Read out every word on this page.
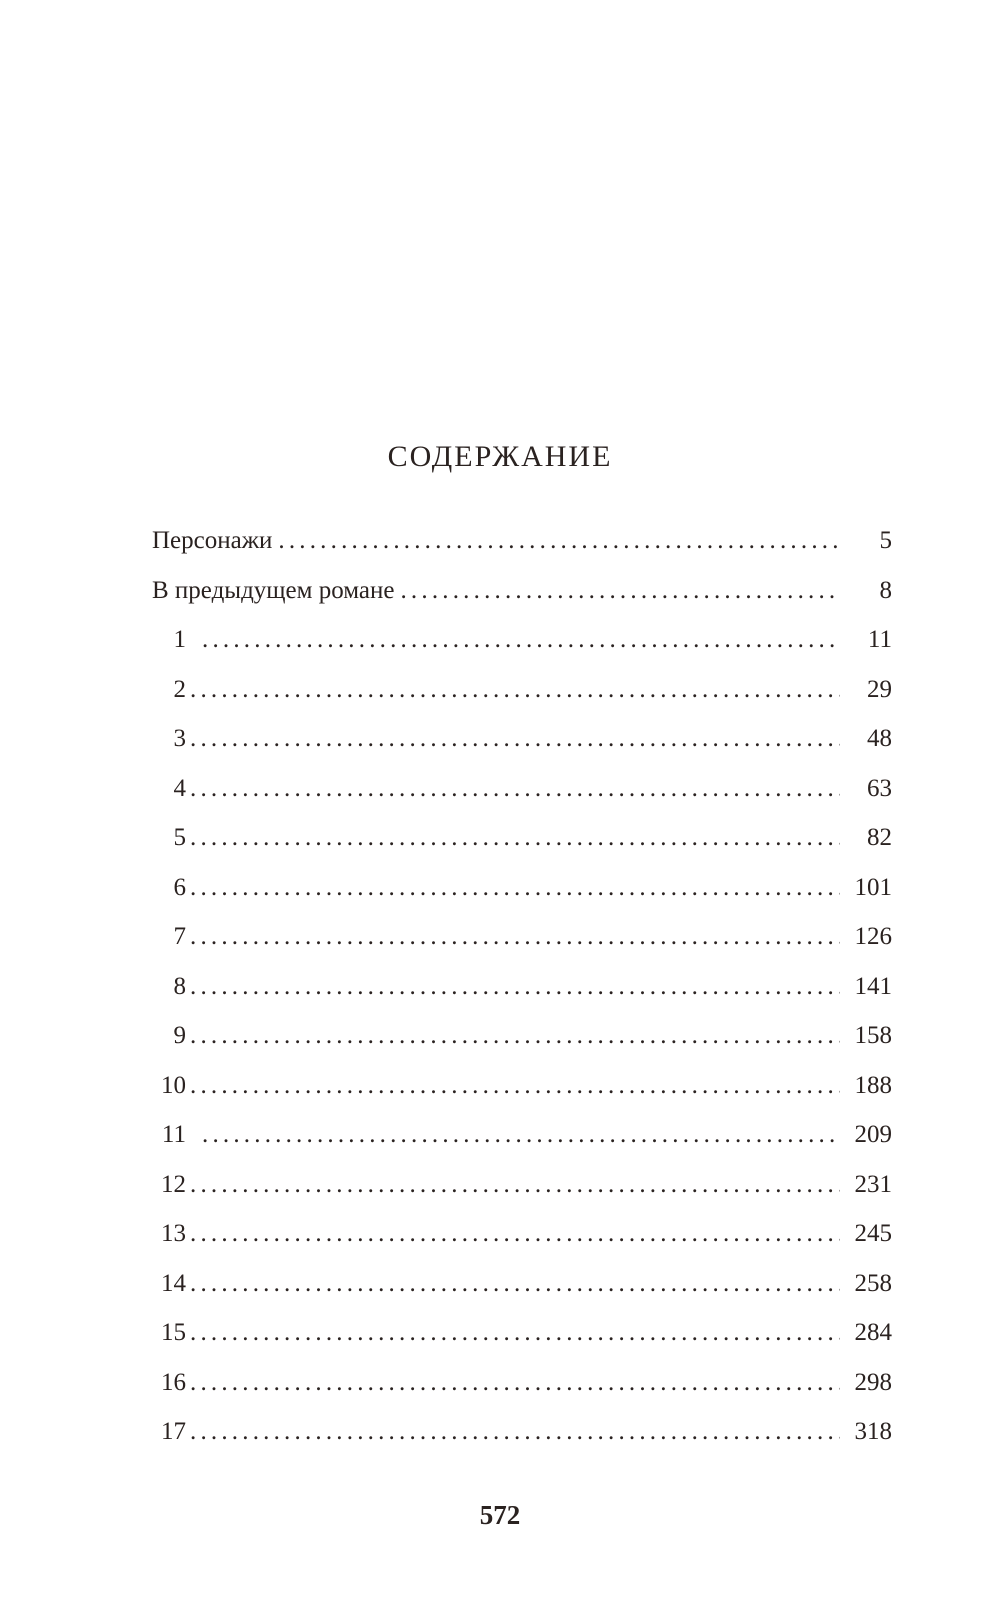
СОДЕРЖАНИЕ
Персонажи .....	5
В предыдущем романе .....	8
1 .....	11
2 .....	29
3 .....	48
4 .....	63
5 .....	82
6 .....	101
7 .....	126
8 .....	141
9 .....	158
10 .....	188
11 .....	209
12 .....	231
13 .....	245
14 .....	258
15 .....	284
16 .....	298
17 .....	318
572
